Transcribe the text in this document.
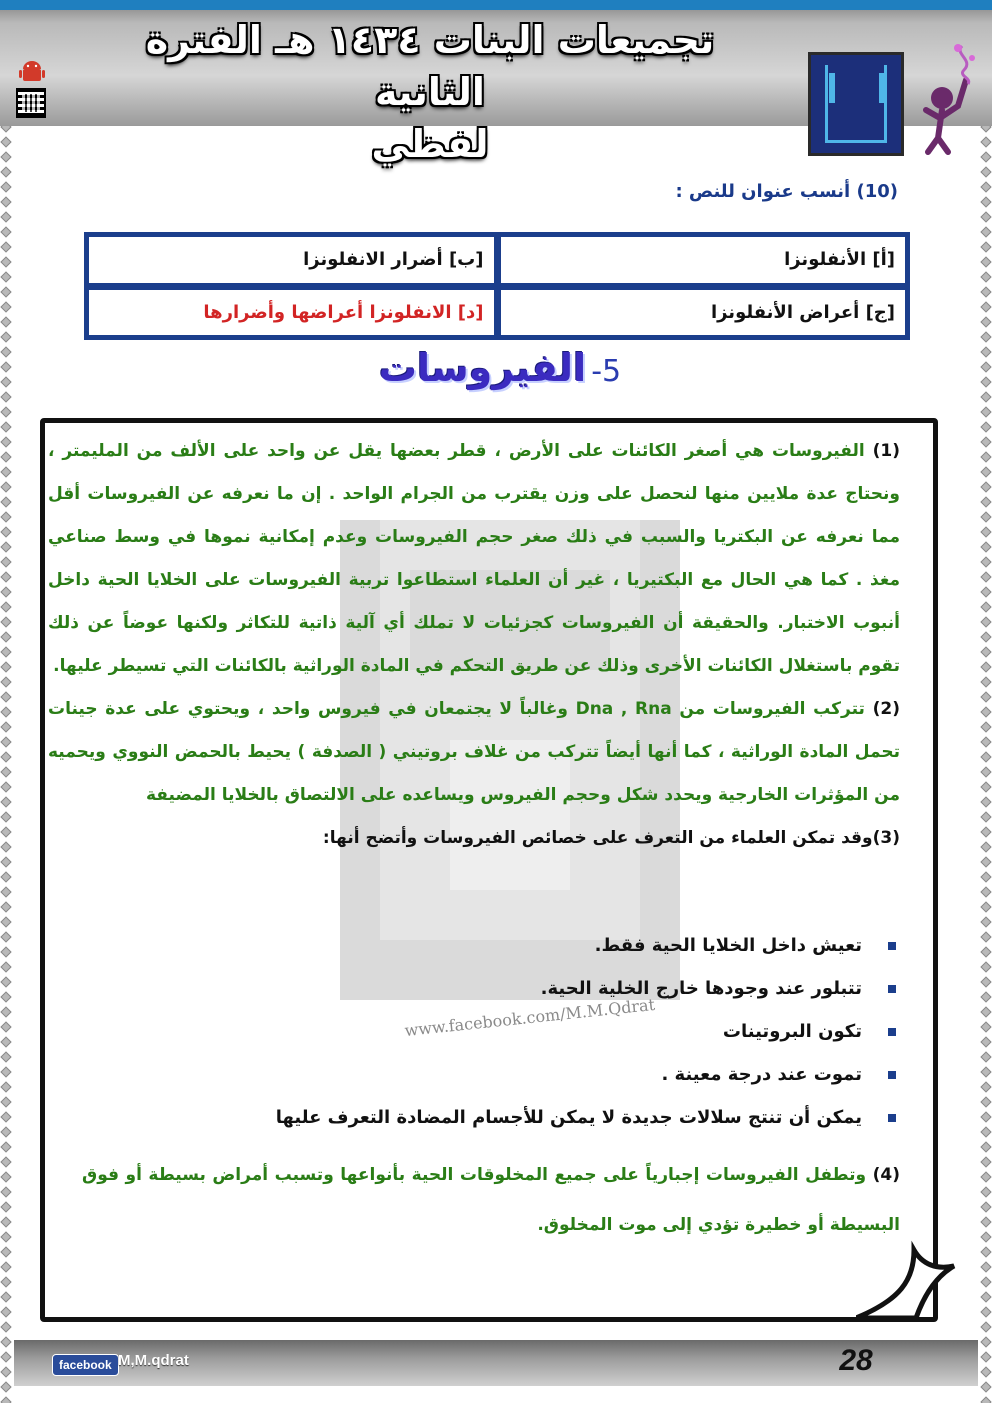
تجميعات البنات ١٤٣٤ هـ الفترة الثانية
لفظي
(10) أنسب عنوان للنص :
[أ] الأنفلونزا
[ب] أضرار الانفلونزا
[ج] أعراض الأنفلونزا
[د] الانفلونزا أعراضها وأضرارها
5- الفيروسات
www.facebook.com/M.M.Qdrat
(1) الفيروسات هي أصغر الكائنات على الأرض ، قطر بعضها يقل عن واحد على الألف من المليمتر ، ونحتاج عدة ملايين منها لنحصل على وزن يقترب من الجرام الواحد . إن ما نعرفه عن الفيروسات أقل مما نعرفه عن البكتريا والسبب في ذلك صغر حجم الفيروسات وعدم إمكانية نموها في وسط صناعي مغذ . كما هي الحال مع البكتيريا ، غير أن العلماء استطاعوا تربية الفيروسات على الخلايا الحية داخل أنبوب الاختبار. والحقيقة أن الفيروسات كجزئيات لا تملك أي آلية ذاتية للتكاثر ولكنها عوضاً عن ذلك تقوم باستغلال الكائنات الأخرى وذلك عن طريق التحكم في المادة الوراثية بالكائنات التي تسيطر عليها.
(2) تتركب الفيروسات من Dna , Rna وغالباً لا يجتمعان في فيروس واحد ، ويحتوي على عدة جينات تحمل المادة الوراثية ، كما أنها أيضاً تتركب من غلاف بروتيني ( الصدفة ) يحيط بالحمض النووي ويحميه من المؤثرات الخارجية ويحدد شكل وحجم الفيروس ويساعده على الالتصاق بالخلايا المضيفة
(3)وقد تمكن العلماء من التعرف على خصائص الفيروسات وأتضح أنها:
تعيش داخل الخلايا الحية فقط.
تتبلور عند وجودها خارج الخلية الحية.
تكون البروتينات
تموت عند درجة معينة .
يمكن أن تنتج سلالات جديدة لا يمكن للأجسام المضادة التعرف عليها
(4) وتطفل الفيروسات إجبارياً على جميع المخلوقات الحية بأنواعها وتسبب أمراض بسيطة أو فوق البسيطة أو خطيرة تؤدي إلى موت المخلوق.
facebook M,M.qdrat	28
